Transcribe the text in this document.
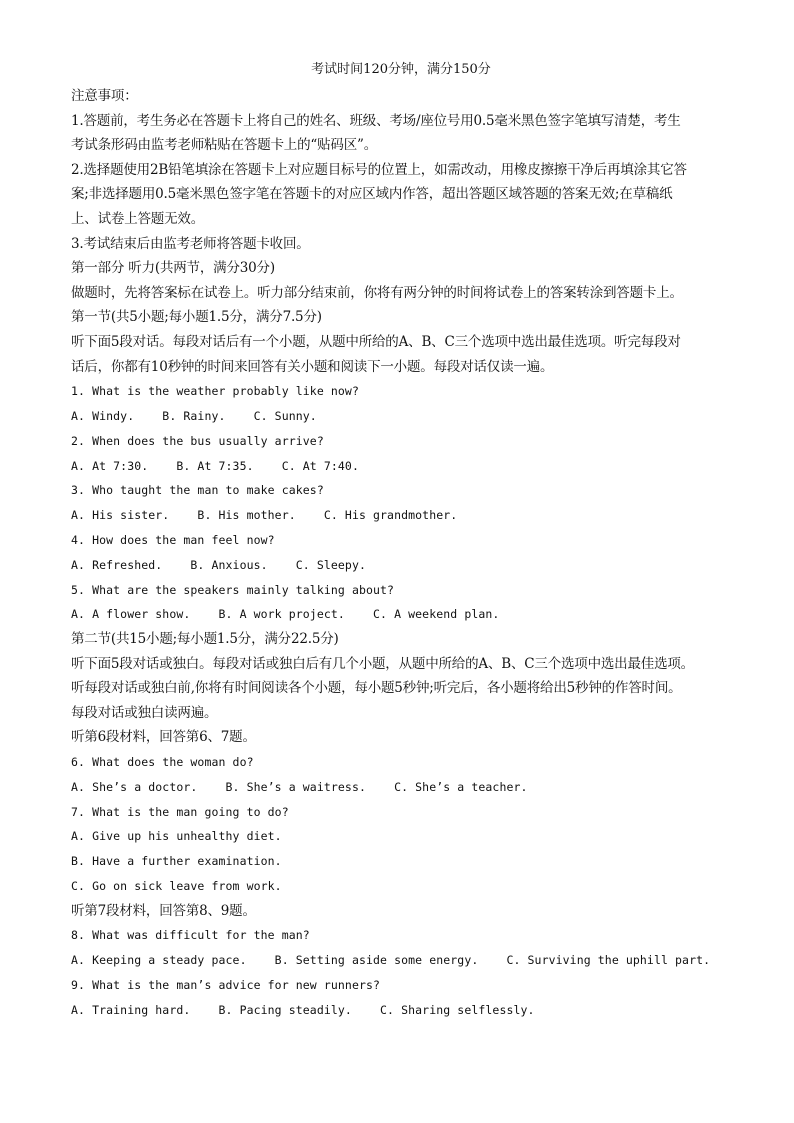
考试时间120分钟，满分150分
注意事项：
1.答题前，考生务必在答题卡上将自己的姓名、班级、考场/座位号用0.5毫米黑色签字笔填写清楚，考生
考试条形码由监考老师粘贴在答题卡上的“贴码区”。
2.选择题使用2B铅笔填涂在答题卡上对应题目标号的位置上，如需改动，用橡皮擦擦干净后再填涂其它答
案;非选择题用0.5毫米黑色签字笔在答题卡的对应区域内作答，超出答题区域答题的答案无效;在草稿纸
上、试卷上答题无效。
3.考试结束后由监考老师将答题卡收回。
第一部分 听力(共两节，满分30分)
做题时，先将答案标在试卷上。听力部分结束前，你将有两分钟的时间将试卷上的答案转涂到答题卡上。
第一节(共5小题;每小题1.5分，满分7.5分)
听下面5段对话。每段对话后有一个小题，从题中所给的A、B、C三个选项中选出最佳选项。听完每段对
话后，你都有10秒钟的时间来回答有关小题和阅读下一小题。每段对话仅读一遍。
1. What is the weather probably like now?
A. Windy.    B. Rainy.    C. Sunny.
2. When does the bus usually arrive?
A. At 7:30.    B. At 7:35.    C. At 7:40.
3. Who taught the man to make cakes?
A. His sister.    B. His mother.    C. His grandmother.
4. How does the man feel now?
A. Refreshed.    B. Anxious.    C. Sleepy.
5. What are the speakers mainly talking about?
A. A flower show.    B. A work project.    C. A weekend plan.
第二节(共15小题;每小题1.5分，满分22.5分)
听下面5段对话或独白。每段对话或独白后有几个小题，从题中所给的A、B、C三个选项中选出最佳选项。
听每段对话或独白前,你将有时间阅读各个小题，每小题5秒钟;听完后，各小题将给出5秒钟的作答时间。
每段对话或独白读两遍。
听第6段材料，回答第6、7题。
6. What does the woman do?
A. She’s a doctor.    B. She’s a waitress.    C. She’s a teacher.
7. What is the man going to do?
A. Give up his unhealthy diet.
B. Have a further examination.
C. Go on sick leave from work.
听第7段材料，回答第8、9题。
8. What was difficult for the man?
A. Keeping a steady pace.    B. Setting aside some energy.    C. Surviving the uphill part.
9. What is the man’s advice for new runners?
A. Training hard.    B. Pacing steadily.    C. Sharing selflessly.
